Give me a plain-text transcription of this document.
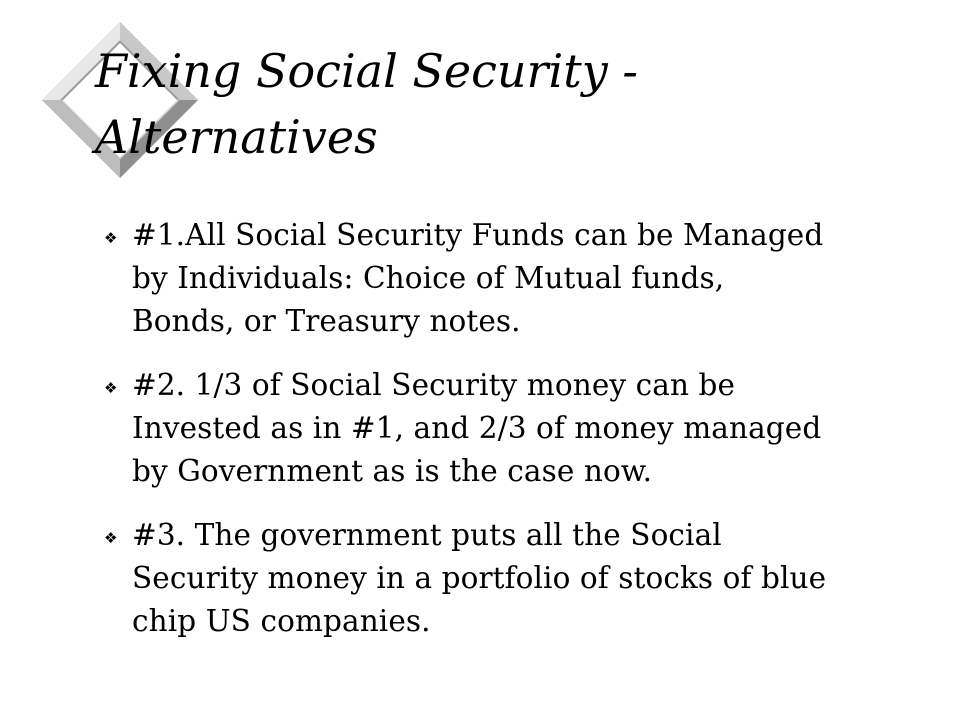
Fixing Social Security -
Alternatives
❖ #1.All Social Security Funds can be Managed
by Individuals: Choice of Mutual funds,
Bonds, or Treasury notes.
❖ #2. 1/3 of Social Security money can be
Invested as in #1, and 2/3 of money managed
by Government as is the case now.
❖ #3. The government puts all the Social
Security money in a portfolio of stocks of blue
chip US companies.
